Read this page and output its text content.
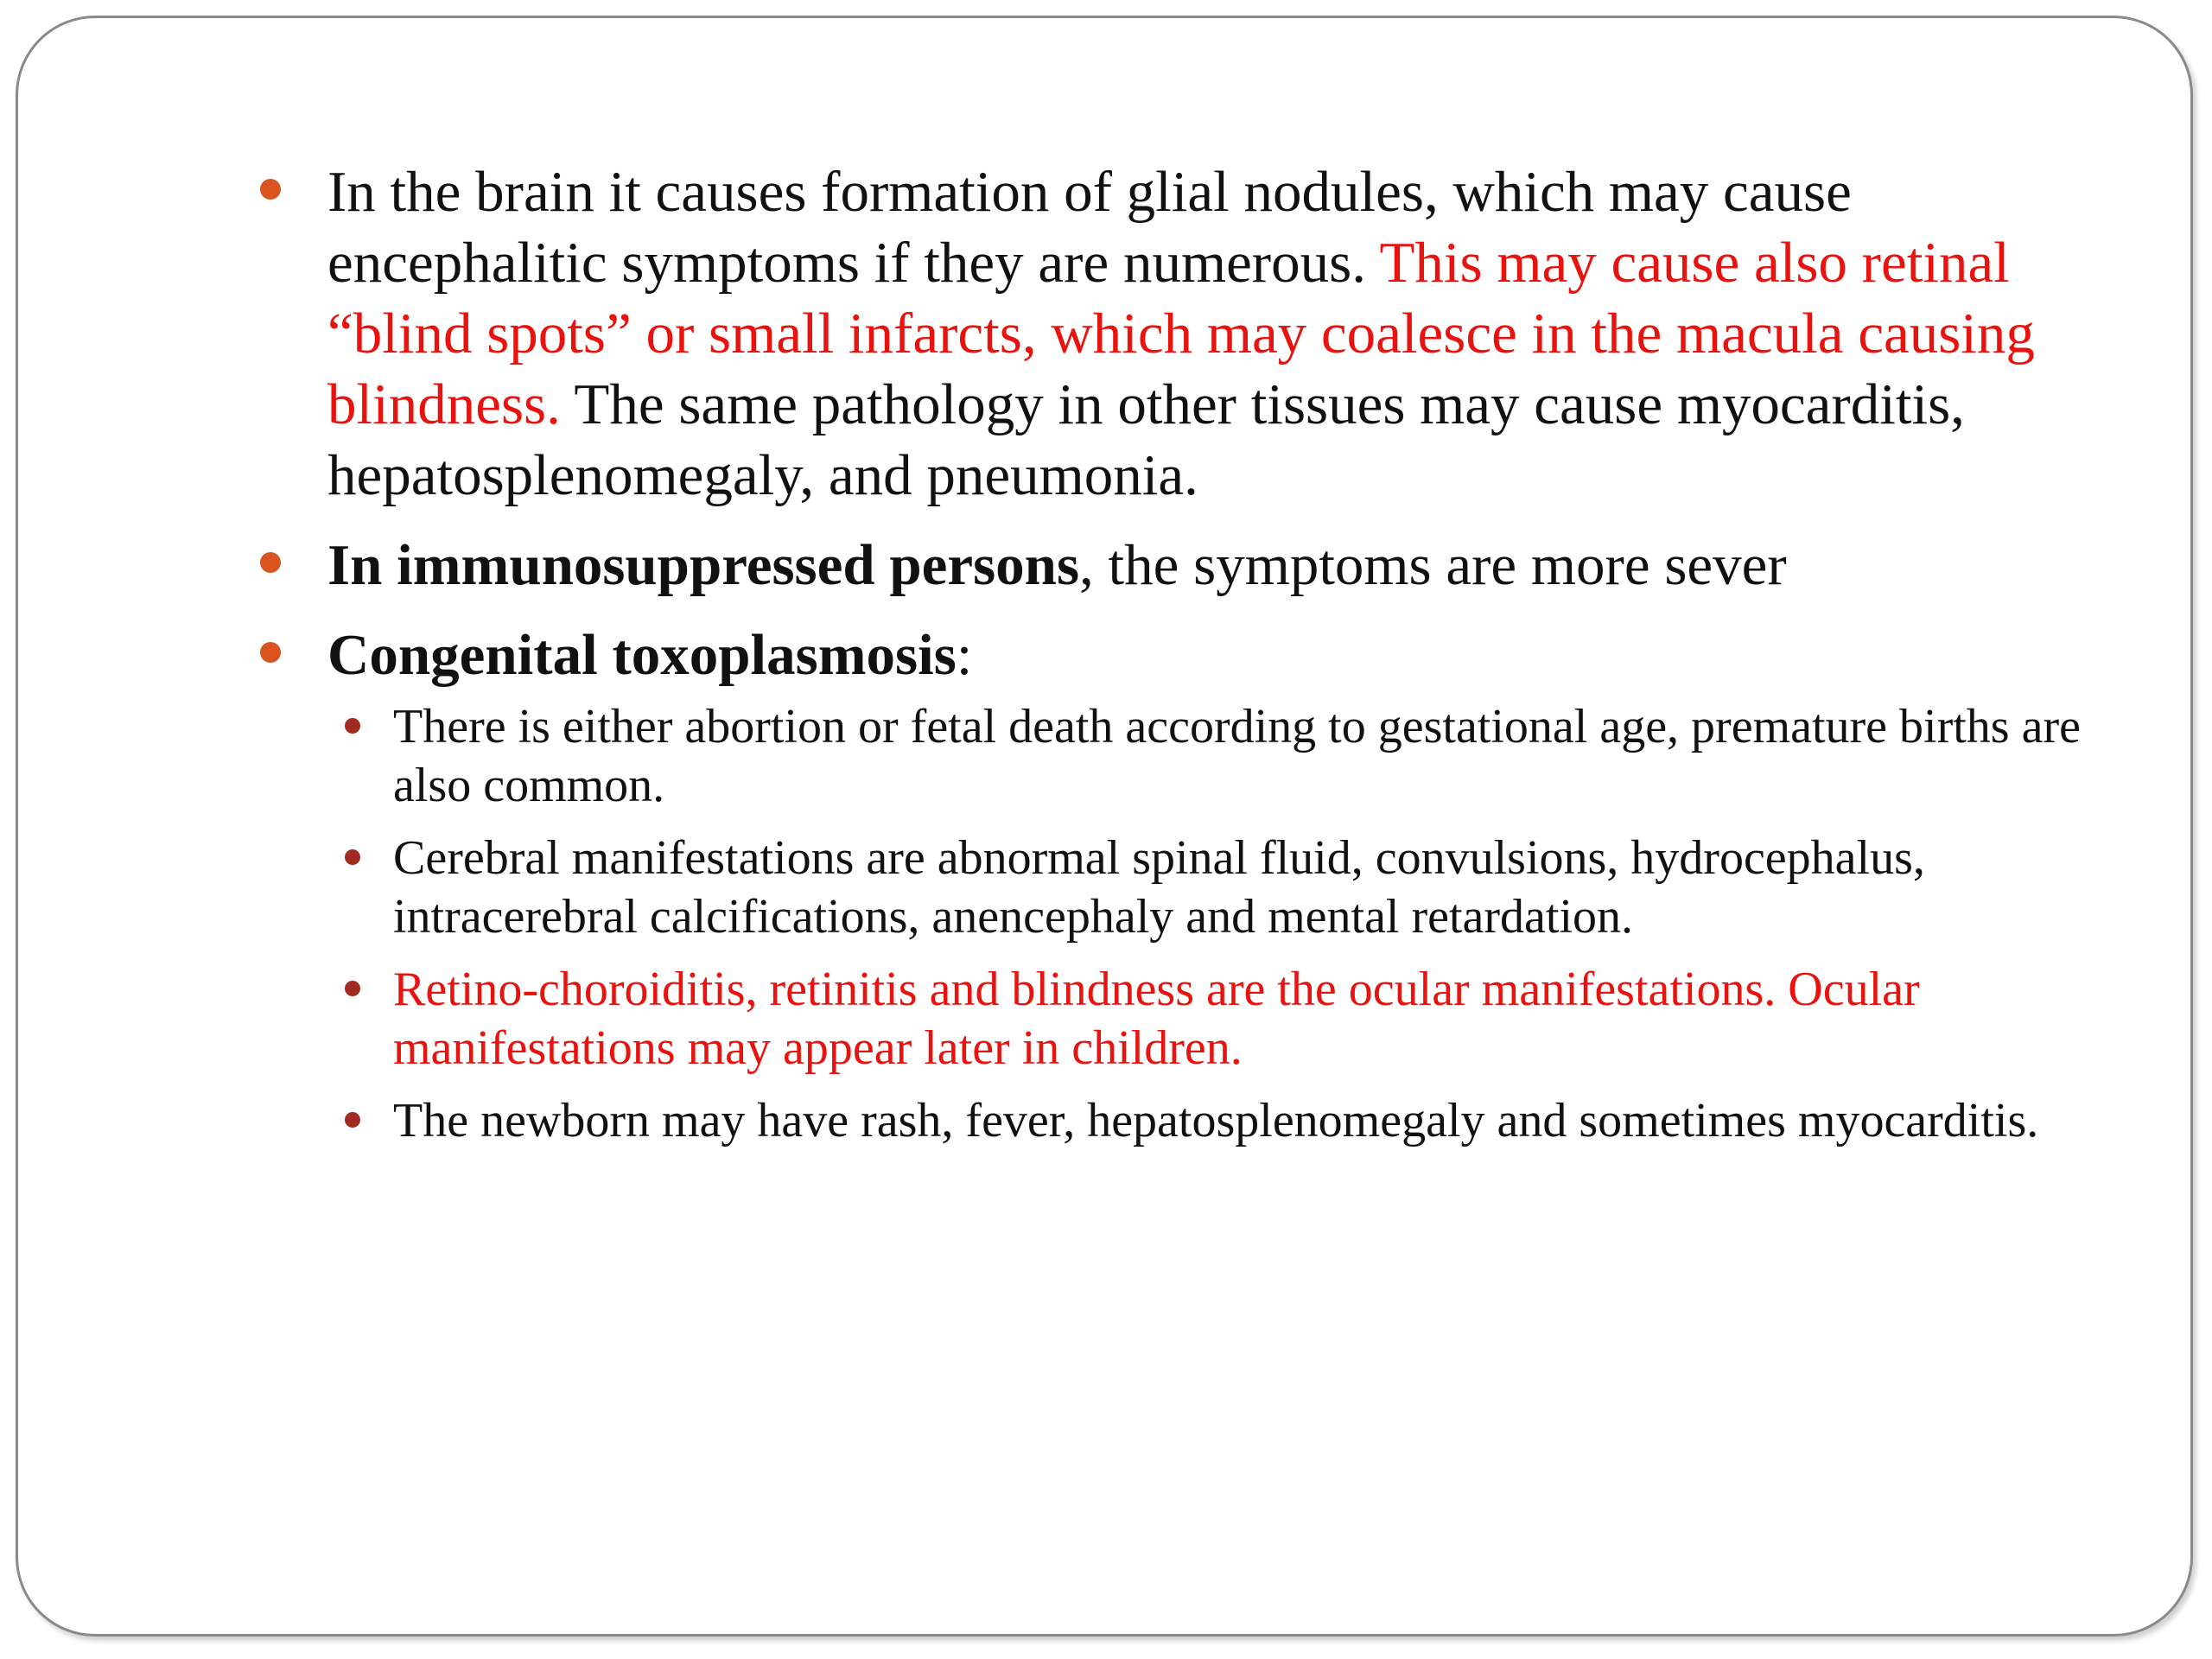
In the brain it causes formation of glial nodules, which may cause encephalitic symptoms if they are numerous. This may cause also retinal “blind spots” or small infarcts, which may coalesce in the macula causing blindness. The same pathology in other tissues may cause myocarditis, hepatosplenomegaly, and pneumonia.
In immunosuppressed persons, the symptoms are more sever
Congenital toxoplasmosis:
There is either abortion or fetal death according to gestational age, premature births are also common.
Cerebral manifestations are abnormal spinal fluid, convulsions, hydrocephalus, intracerebral calcifications, anencephaly and mental retardation.
Retino-choroiditis, retinitis and blindness are the ocular manifestations. Ocular manifestations may appear later in children.
The newborn may have rash, fever, hepatosplenomegaly and sometimes myocarditis.
